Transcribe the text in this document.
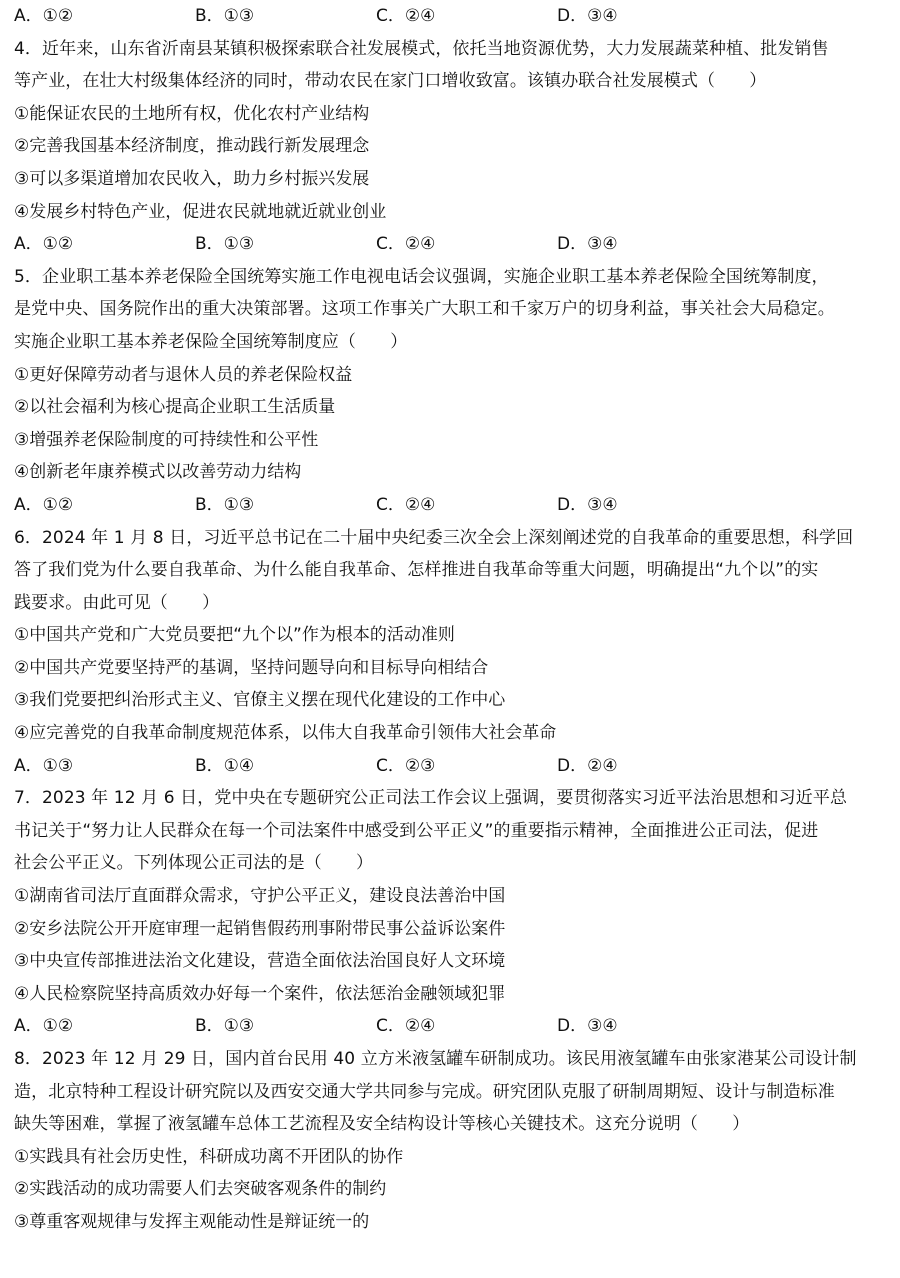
A．①②	B．①③	C．②④	D．③④
4．近年来，山东省沂南县某镇积极探索联合社发展模式，依托当地资源优势，大力发展蔬菜种植、批发销售
等产业，在壮大村级集体经济的同时，带动农民在家门口增收致富。该镇办联合社发展模式（　　）
①能保证农民的土地所有权，优化农村产业结构
②完善我国基本经济制度，推动践行新发展理念
③可以多渠道增加农民收入，助力乡村振兴发展
④发展乡村特色产业，促进农民就地就近就业创业
A．①②	B．①③	C．②④	D．③④
5．企业职工基本养老保险全国统筹实施工作电视电话会议强调，实施企业职工基本养老保险全国统筹制度，
是党中央、国务院作出的重大决策部署。这项工作事关广大职工和千家万户的切身利益，事关社会大局稳定。
实施企业职工基本养老保险全国统筹制度应（　　）
①更好保障劳动者与退休人员的养老保险权益
②以社会福利为核心提高企业职工生活质量
③增强养老保险制度的可持续性和公平性
④创新老年康养模式以改善劳动力结构
A．①②	B．①③	C．②④	D．③④
6．2024 年 1 月 8 日，习近平总书记在二十届中央纪委三次全会上深刻阐述党的自我革命的重要思想，科学回
答了我们党为什么要自我革命、为什么能自我革命、怎样推进自我革命等重大问题，明确提出“九个以”的实
践要求。由此可见（　　）
①中国共产党和广大党员要把“九个以”作为根本的活动准则
②中国共产党要坚持严的基调，坚持问题导向和目标导向相结合
③我们党要把纠治形式主义、官僚主义摆在现代化建设的工作中心
④应完善党的自我革命制度规范体系，以伟大自我革命引领伟大社会革命
A．①③	B．①④	C．②③	D．②④
7．2023 年 12 月 6 日，党中央在专题研究公正司法工作会议上强调，要贯彻落实习近平法治思想和习近平总
书记关于“努力让人民群众在每一个司法案件中感受到公平正义”的重要指示精神，全面推进公正司法，促进
社会公平正义。下列体现公正司法的是（　　）
①湖南省司法厅直面群众需求，守护公平正义，建设良法善治中国
②安乡法院公开开庭审理一起销售假药刑事附带民事公益诉讼案件
③中央宣传部推进法治文化建设，营造全面依法治国良好人文环境
④人民检察院坚持高质效办好每一个案件，依法惩治金融领域犯罪
A．①②	B．①③	C．②④	D．③④
8．2023 年 12 月 29 日，国内首台民用 40 立方米液氢罐车研制成功。该民用液氢罐车由张家港某公司设计制
造，北京特种工程设计研究院以及西安交通大学共同参与完成。研究团队克服了研制周期短、设计与制造标准
缺失等困难，掌握了液氢罐车总体工艺流程及安全结构设计等核心关键技术。这充分说明（　　）
①实践具有社会历史性，科研成功离不开团队的协作
②实践活动的成功需要人们去突破客观条件的制约
③尊重客观规律与发挥主观能动性是辩证统一的
